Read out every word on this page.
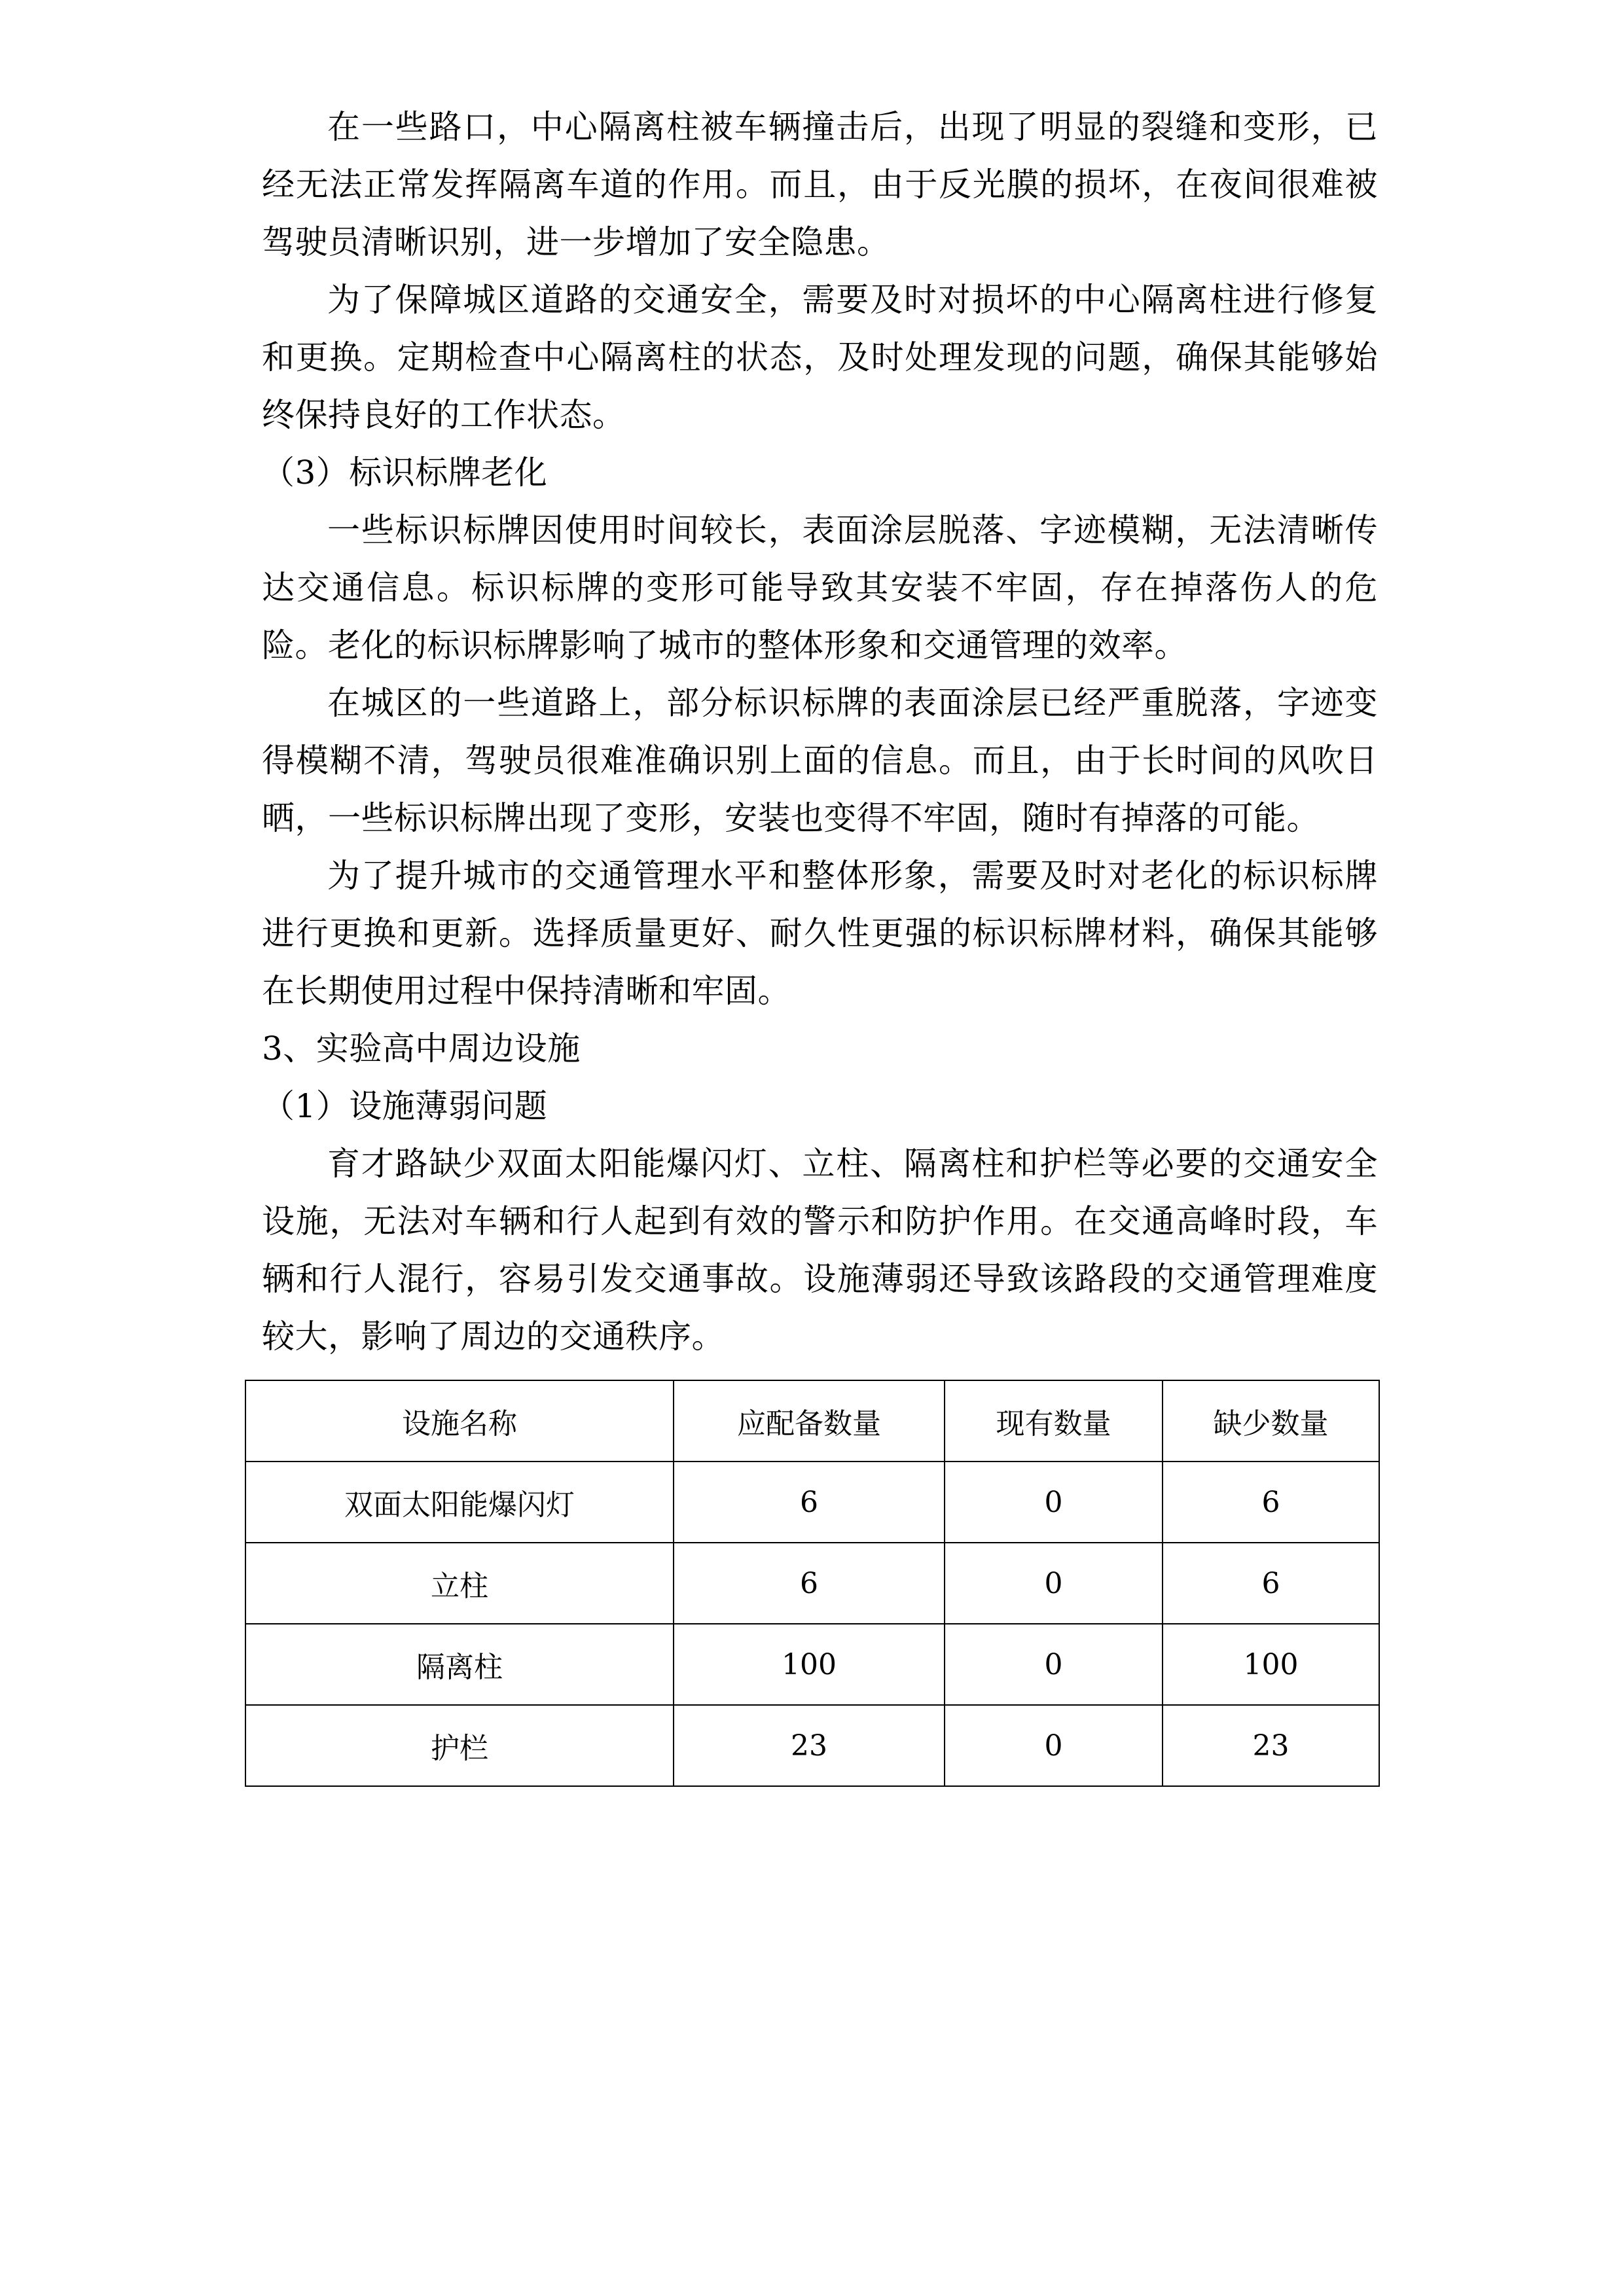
在一些路口，中心隔离柱被车辆撞击后，出现了明显的裂缝和变形，已经无法正常发挥隔离车道的作用。而且，由于反光膜的损坏，在夜间很难被驾驶员清晰识别，进一步增加了安全隐患。

为了保障城区道路的交通安全，需要及时对损坏的中心隔离柱进行修复和更换。定期检查中心隔离柱的状态，及时处理发现的问题，确保其能够始终保持良好的工作状态。

（3）标识标牌老化

一些标识标牌因使用时间较长，表面涂层脱落、字迹模糊，无法清晰传达交通信息。标识标牌的变形可能导致其安装不牢固，存在掉落伤人的危险。老化的标识标牌影响了城市的整体形象和交通管理的效率。

在城区的一些道路上，部分标识标牌的表面涂层已经严重脱落，字迹变得模糊不清，驾驶员很难准确识别上面的信息。而且，由于长时间的风吹日晒，一些标识标牌出现了变形，安装也变得不牢固，随时有掉落的可能。

为了提升城市的交通管理水平和整体形象，需要及时对老化的标识标牌进行更换和更新。选择质量更好、耐久性更强的标识标牌材料，确保其能够在长期使用过程中保持清晰和牢固。

3、实验高中周边设施

（1）设施薄弱问题

育才路缺少双面太阳能爆闪灯、立柱、隔离柱和护栏等必要的交通安全设施，无法对车辆和行人起到有效的警示和防护作用。在交通高峰时段，车辆和行人混行，容易引发交通事故。设施薄弱还导致该路段的交通管理难度较大，影响了周边的交通秩序。

设施名称	应配备数量	现有数量	缺少数量
双面太阳能爆闪灯	6	0	6
立柱	6	0	6
隔离柱	100	0	100
护栏	23	0	23
